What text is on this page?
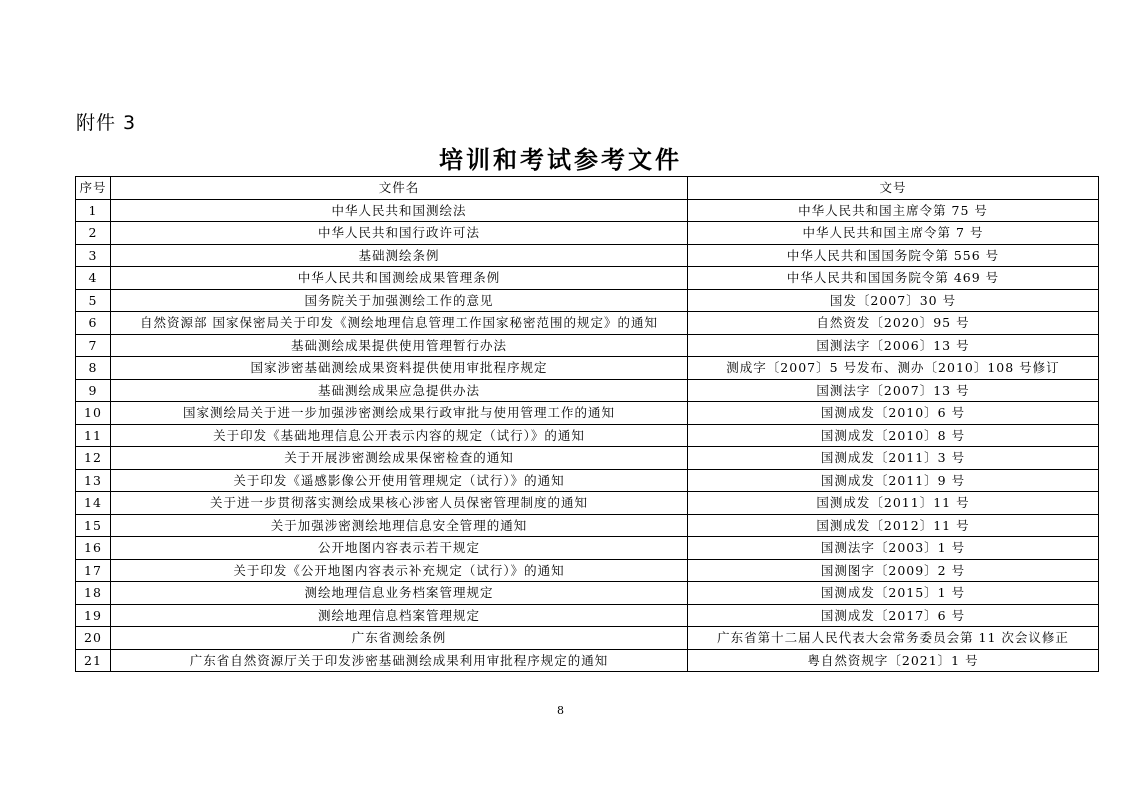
附件 3
培训和考试参考文件
序号	文件名	文号
1	中华人民共和国测绘法	中华人民共和国主席令第 75 号
2	中华人民共和国行政许可法	中华人民共和国主席令第 7 号
3	基础测绘条例	中华人民共和国国务院令第 556 号
4	中华人民共和国测绘成果管理条例	中华人民共和国国务院令第 469 号
5	国务院关于加强测绘工作的意见	国发〔2007〕30 号
6	自然资源部 国家保密局关于印发《测绘地理信息管理工作国家秘密范围的规定》的通知	自然资发〔2020〕95 号
7	基础测绘成果提供使用管理暂行办法	国测法字〔2006〕13 号
8	国家涉密基础测绘成果资料提供使用审批程序规定	测成字〔2007〕5 号发布、测办〔2010〕108 号修订
9	基础测绘成果应急提供办法	国测法字〔2007〕13 号
10	国家测绘局关于进一步加强涉密测绘成果行政审批与使用管理工作的通知	国测成发〔2010〕6 号
11	关于印发《基础地理信息公开表示内容的规定（试行）》的通知	国测成发〔2010〕8 号
12	关于开展涉密测绘成果保密检查的通知	国测成发〔2011〕3 号
13	关于印发《遥感影像公开使用管理规定（试行）》的通知	国测成发〔2011〕9 号
14	关于进一步贯彻落实测绘成果核心涉密人员保密管理制度的通知	国测成发〔2011〕11 号
15	关于加强涉密测绘地理信息安全管理的通知	国测成发〔2012〕11 号
16	公开地图内容表示若干规定	国测法字〔2003〕1 号
17	关于印发《公开地图内容表示补充规定（试行）》的通知	国测图字〔2009〕2 号
18	测绘地理信息业务档案管理规定	国测成发〔2015〕1 号
19	测绘地理信息档案管理规定	国测成发〔2017〕6 号
20	广东省测绘条例	广东省第十二届人民代表大会常务委员会第 11 次会议修正
21	广东省自然资源厅关于印发涉密基础测绘成果利用审批程序规定的通知	粤自然资规字〔2021〕1 号
8
